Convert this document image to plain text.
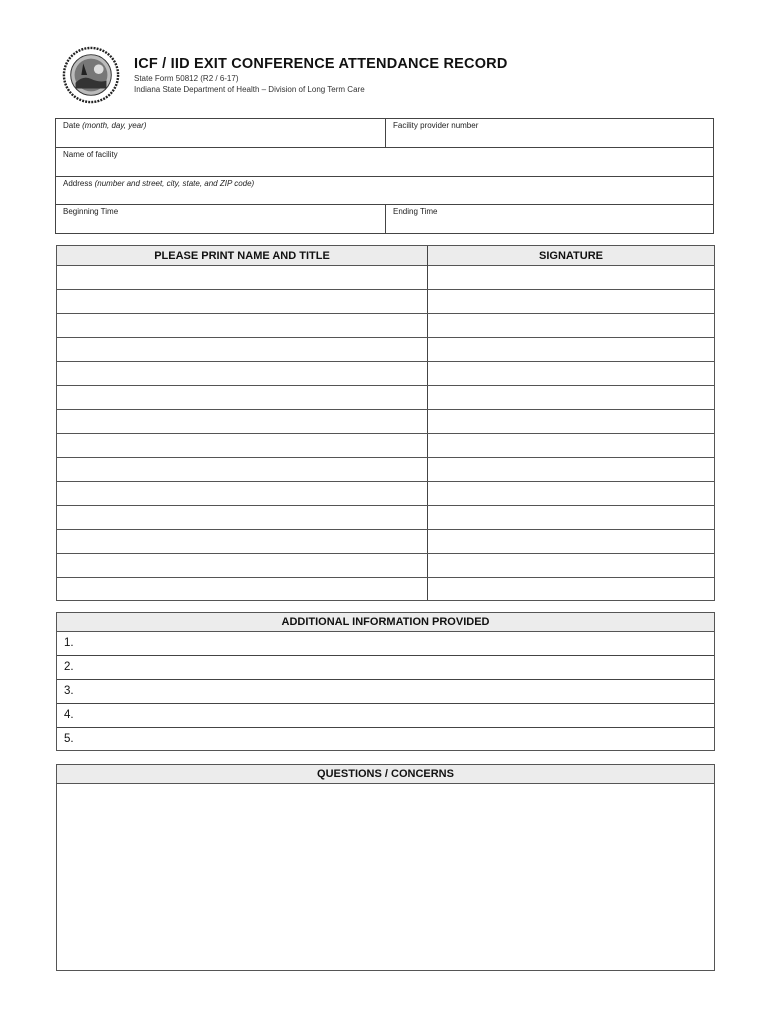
ICF / IID EXIT CONFERENCE ATTENDANCE RECORD
State Form 50812 (R2 / 6-17)
Indiana State Department of Health – Division of Long Term Care
Date (month, day, year)	Facility provider number
Name of facility
Address (number and street, city, state, and ZIP code)
Beginning Time	Ending Time
PLEASE PRINT NAME AND TITLE	SIGNATURE
ADDITIONAL INFORMATION PROVIDED
1.
2.
3.
4.
5.
QUESTIONS / CONCERNS
